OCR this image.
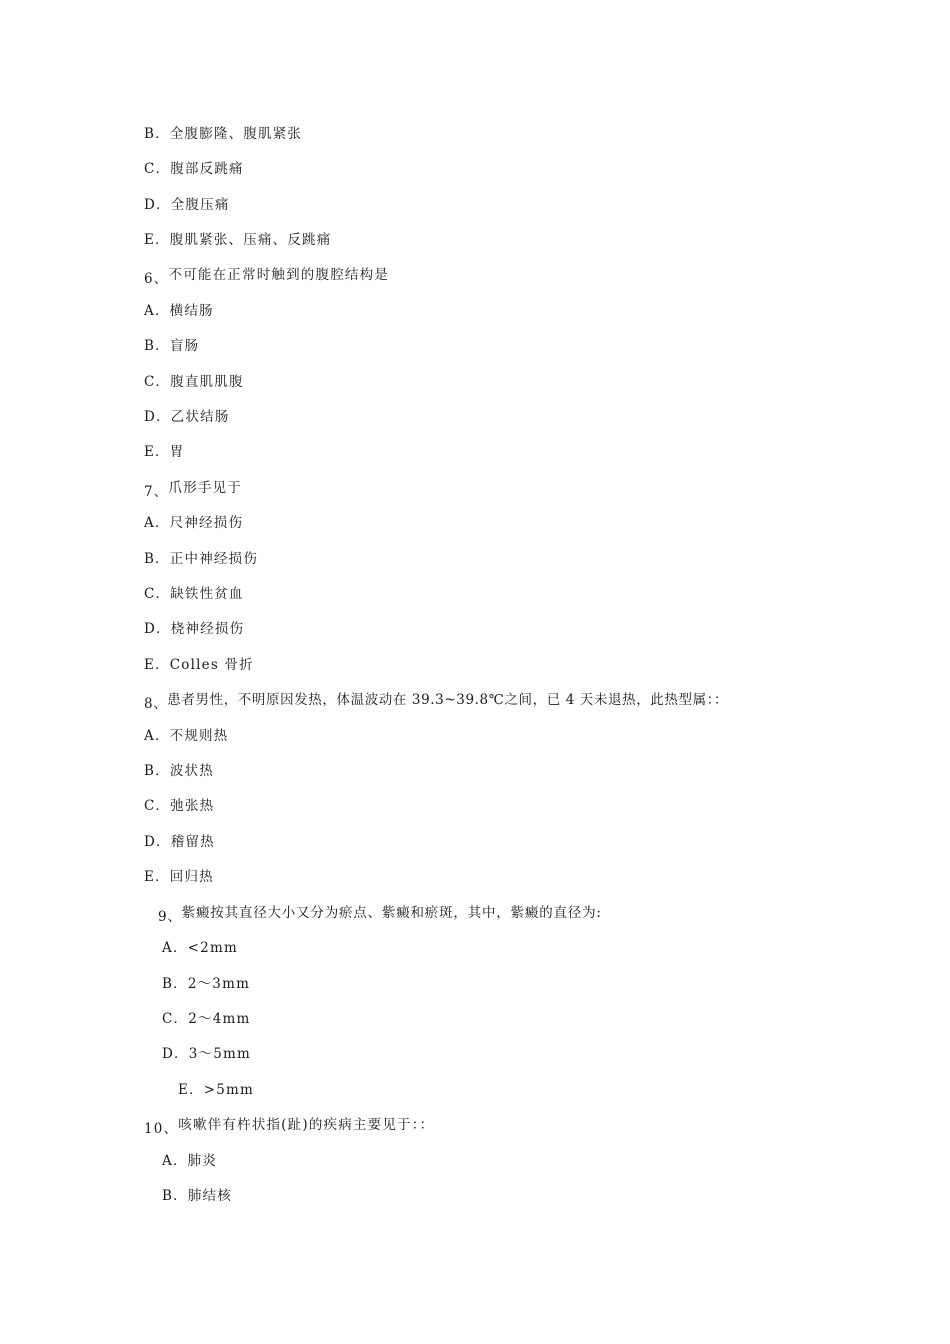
B．全腹膨隆、腹肌紧张
C．腹部反跳痛
D．全腹压痛
E．腹肌紧张、压痛、反跳痛
6、不可能在正常时触到的腹腔结构是
A．横结肠
B．盲肠
C．腹直肌肌腹
D．乙状结肠
E．胃
7、爪形手见于
A．尺神经损伤
B．正中神经损伤
C．缺铁性贫血
D．桡神经损伤
E．Colles 骨折
8、患者男性，不明原因发热，体温波动在 39.3~39.8℃之间，已 4 天未退热，此热型属：：
A．不规则热
B．波状热
C．弛张热
D．稽留热
E．回归热
9、紫癜按其直径大小又分为瘀点、紫癜和瘀斑，其中，紫癜的直径为:
A．<2mm
B．2～3mm
C．2～4mm
D．3～5mm
E．>5mm
10、咳嗽伴有杵状指(趾)的疾病主要见于：：
A．肺炎
B．肺结核
